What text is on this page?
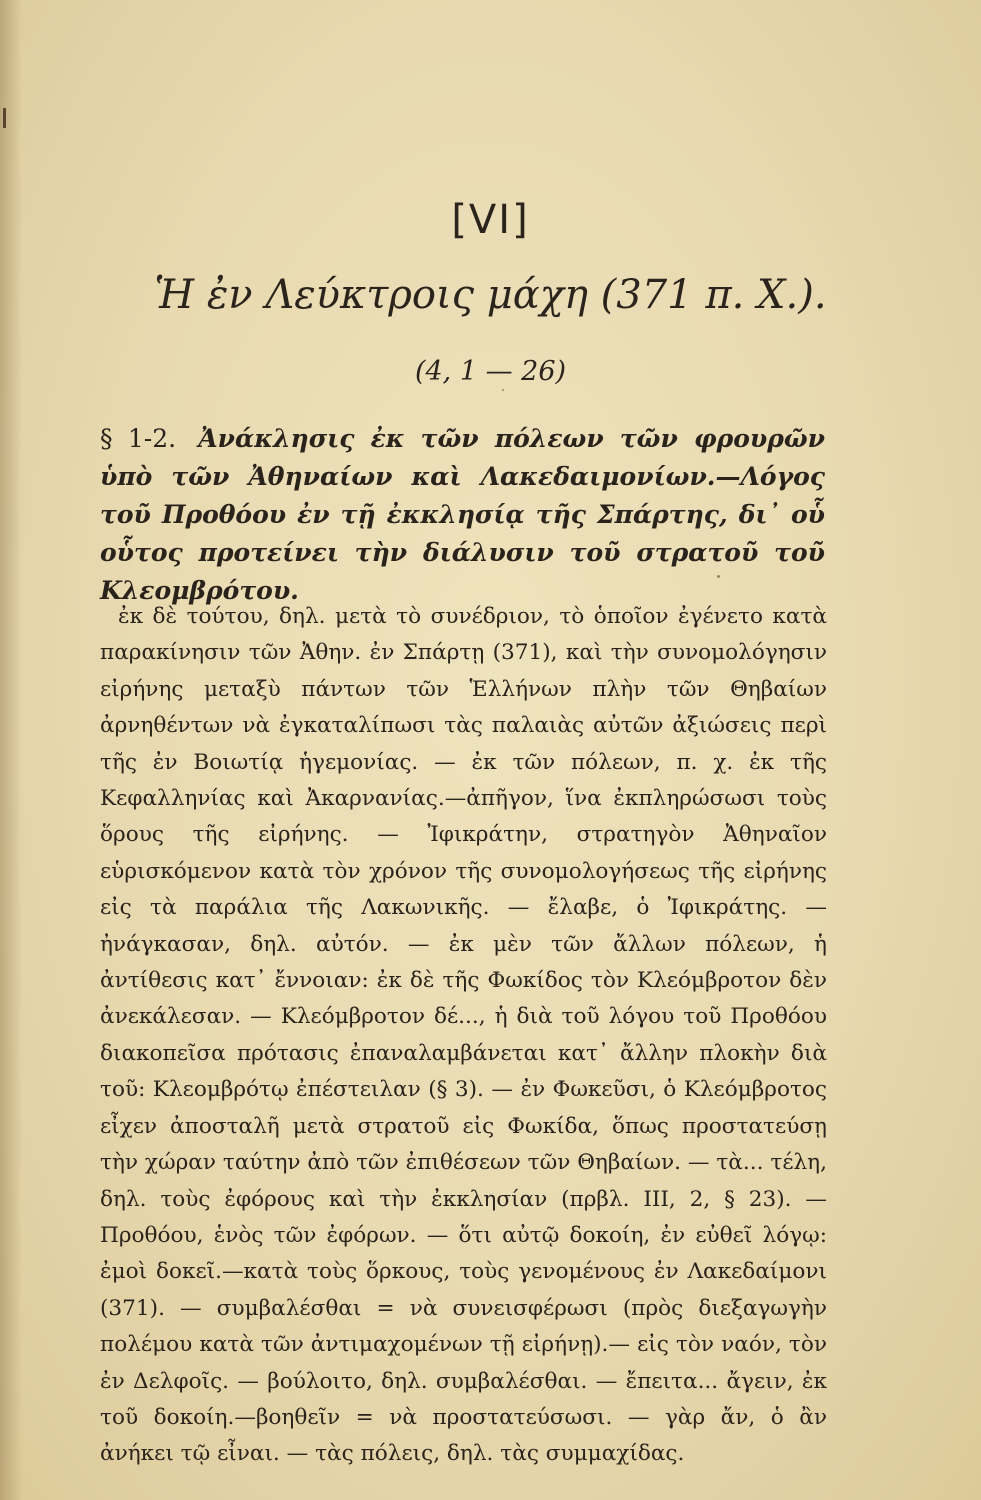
[VI]
Ἡ ἐν Λεύκτροις μάχη (371 π. Χ.).
(4, 1 — 26)
§ 1-2. Ἀνάκλησις ἐκ τῶν πόλεων τῶν φρουρῶν ὑπὸ τῶν Ἀθηναίων καὶ Λακεδαιμονίων.—Λόγος τοῦ Προθόου ἐν τῇ ἐκκλησίᾳ τῆς Σπάρτης, δι᾿ οὗ οὗτος προτείνει τὴν διάλυσιν τοῦ στρατοῦ τοῦ Κλεομβρότου.
ἐκ δὲ τούτου, δηλ. μετὰ τὸ συνέδριον, τὸ ὁποῖον ἐγένετο κατὰ παρακίνησιν τῶν Ἀθην. ἐν Σπάρτῃ (371), καὶ τὴν συνομολόγησιν εἰρήνης μεταξὺ πάντων τῶν Ἑλλήνων πλὴν τῶν Θηβαίων ἀρνηθέντων νὰ ἐγκαταλίπωσι τὰς παλαιὰς αὐτῶν ἀξιώσεις περὶ τῆς ἐν Βοιωτίᾳ ἡγεμονίας. — ἐκ τῶν πόλεων, π. χ. ἐκ τῆς Κεφαλληνίας καὶ Ἀκαρνανίας.—ἀπῆγον, ἵνα ἐκπληρώσωσι τοὺς ὅρους τῆς εἰρήνης. — Ἰφικράτην, στρατηγὸν Ἀθηναῖον εὑρισκόμενον κατὰ τὸν χρόνον τῆς συνομολογήσεως τῆς εἰρήνης εἰς τὰ παράλια τῆς Λακωνικῆς. — ἔλαβε, ὁ Ἰφικράτης. — ἠνάγκασαν, δηλ. αὐτόν. — ἐκ μὲν τῶν ἄλλων πόλεων, ἡ ἀντίθεσις κατ᾿ ἔννοιαν: ἐκ δὲ τῆς Φωκίδος τὸν Κλεόμβροτον δὲν ἀνεκάλεσαν. — Κλεόμβροτον δέ..., ἡ διὰ τοῦ λόγου τοῦ Προθόου διακοπεῖσα πρότασις ἐπαναλαμβάνεται κατ᾿ ἄλλην πλοκὴν διὰ τοῦ: Κλεομβρότῳ ἐπέστειλαν (§ 3). — ἐν Φωκεῦσι, ὁ Κλεόμβροτος εἶχεν ἀποσταλῆ μετὰ στρατοῦ εἰς Φωκίδα, ὅπως προστατεύσῃ τὴν χώραν ταύτην ἀπὸ τῶν ἐπιθέσεων τῶν Θηβαίων. — τὰ... τέλη, δηλ. τοὺς ἐφόρους καὶ τὴν ἐκκλησίαν (πρβλ. III, 2, § 23). — Προθόου, ἑνὸς τῶν ἐφόρων. — ὅτι αὐτῷ δοκοίη, ἐν εὐθεῖ λόγῳ: ἐμοὶ δοκεῖ.—κατὰ τοὺς ὅρκους, τοὺς γενομένους ἐν Λακεδαίμονι (371). — συμβαλέσθαι = νὰ συνεισφέρωσι (πρὸς διεξαγωγὴν πολέμου κατὰ τῶν ἀντιμαχομένων τῇ εἰρήνῃ).— εἰς τὸν ναόν, τὸν ἐν Δελφοῖς. — βούλοιτο, δηλ. συμβαλέσθαι. — ἔπειτα... ἄγειν, ἐκ τοῦ δοκοίη.—βοηθεῖν = νὰ προστατεύσωσι. — γὰρ ἄν, ὁ ἂν ἀνήκει τῷ εἶναι. — τὰς πόλεις, δηλ. τὰς συμμαχίδας.
